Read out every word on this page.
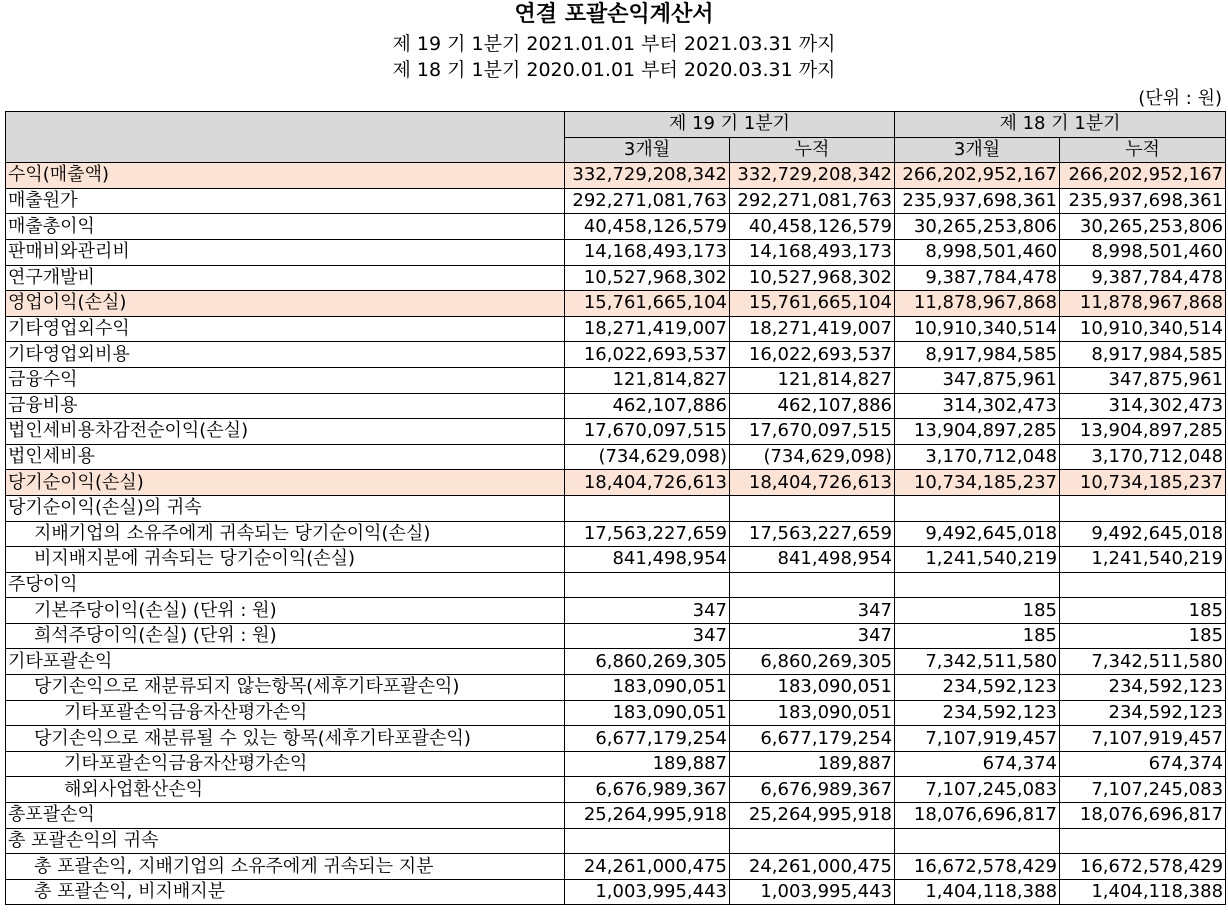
연결 포괄손익계산서
제 19 기 1분기 2021.01.01 부터 2021.03.31 까지
제 18 기 1분기 2020.01.01 부터 2020.03.31 까지
(단위 : 원)
	제 19 기 1분기		제 18 기 1분기	
	3개월	누적	3개월	누적
수익(매출액)	332,729,208,342	332,729,208,342	266,202,952,167	266,202,952,167
매출원가	292,271,081,763	292,271,081,763	235,937,698,361	235,937,698,361
매출총이익	40,458,126,579	40,458,126,579	30,265,253,806	30,265,253,806
판매비와관리비	14,168,493,173	14,168,493,173	8,998,501,460	8,998,501,460
연구개발비	10,527,968,302	10,527,968,302	9,387,784,478	9,387,784,478
영업이익(손실)	15,761,665,104	15,761,665,104	11,878,967,868	11,878,967,868
기타영업외수익	18,271,419,007	18,271,419,007	10,910,340,514	10,910,340,514
기타영업외비용	16,022,693,537	16,022,693,537	8,917,984,585	8,917,984,585
금융수익	121,814,827	121,814,827	347,875,961	347,875,961
금융비용	462,107,886	462,107,886	314,302,473	314,302,473
법인세비용차감전순이익(손실)	17,670,097,515	17,670,097,515	13,904,897,285	13,904,897,285
법인세비용	(734,629,098)	(734,629,098)	3,170,712,048	3,170,712,048
당기순이익(손실)	18,404,726,613	18,404,726,613	10,734,185,237	10,734,185,237
당기순이익(손실)의 귀속				
지배기업의 소유주에게 귀속되는 당기순이익(손실)	17,563,227,659	17,563,227,659	9,492,645,018	9,492,645,018
비지배지분에 귀속되는 당기순이익(손실)	841,498,954	841,498,954	1,241,540,219	1,241,540,219
주당이익				
기본주당이익(손실) (단위 : 원)	347	347	185	185
희석주당이익(손실) (단위 : 원)	347	347	185	185
기타포괄손익	6,860,269,305	6,860,269,305	7,342,511,580	7,342,511,580
당기손익으로 재분류되지 않는항목(세후기타포괄손익)	183,090,051	183,090,051	234,592,123	234,592,123
기타포괄손익금융자산평가손익	183,090,051	183,090,051	234,592,123	234,592,123
당기손익으로 재분류될 수 있는 항목(세후기타포괄손익)	6,677,179,254	6,677,179,254	7,107,919,457	7,107,919,457
기타포괄손익금융자산평가손익	189,887	189,887	674,374	674,374
해외사업환산손익	6,676,989,367	6,676,989,367	7,107,245,083	7,107,245,083
총포괄손익	25,264,995,918	25,264,995,918	18,076,696,817	18,076,696,817
총 포괄손익의 귀속				
총 포괄손익, 지배기업의 소유주에게 귀속되는 지분	24,261,000,475	24,261,000,475	16,672,578,429	16,672,578,429
총 포괄손익, 비지배지분	1,003,995,443	1,003,995,443	1,404,118,388	1,404,118,388
